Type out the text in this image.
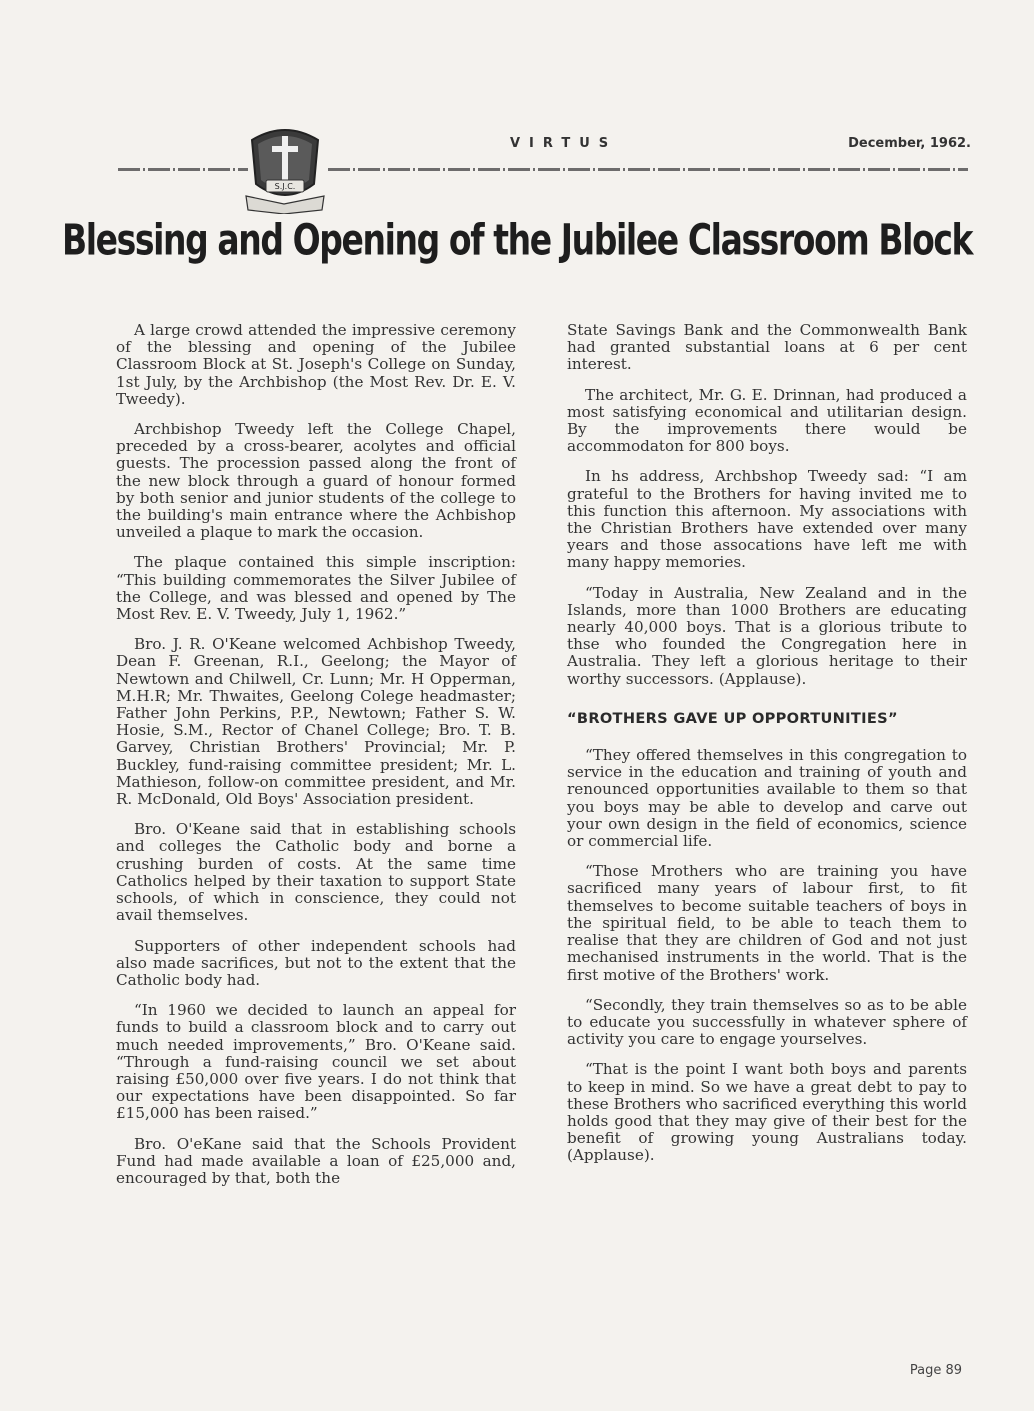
S.J.C.
VIRTUS	December, 1962.
Blessing and Opening of the Jubilee Classroom Block

A large crowd attended the impressive ceremony of the blessing and opening of the Jubilee Classroom Block at St. Joseph's College on Sunday, 1st July, by the Archbishop (the Most Rev. Dr. E. V. Tweedy).

Archbishop Tweedy left the College Chapel, preceded by a cross-bearer, acolytes and official guests. The procession passed along the front of the new block through a guard of honour formed by both senior and junior students of the college to the building's main entrance where the Achbishop unveiled a plaque to mark the occasion.

The plaque contained this simple inscription: “This building commemorates the Silver Jubilee of the College, and was blessed and opened by The Most Rev. E. V. Tweedy, July 1, 1962.”

Bro. J. R. O'Keane welcomed Achbishop Tweedy, Dean F. Greenan, R.I., Geelong; the Mayor of Newtown and Chilwell, Cr. Lunn; Mr. H Opperman, M.H.R; Mr. Thwaites, Geelong Colege headmaster; Father John Perkins, P.P., Newtown; Father S. W. Hosie, S.M., Rector of Chanel College; Bro. T. B. Garvey, Christian Brothers' Provincial; Mr. P. Buckley, fund-raising committee president; Mr. L. Mathieson, follow-on committee president, and Mr. R. McDonald, Old Boys' Association president.

Bro. O'Keane said that in establishing schools and colleges the Catholic body and borne a crushing burden of costs. At the same time Catholics helped by their taxation to support State schools, of which in conscience, they could not avail themselves.

Supporters of other independent schools had also made sacrifices, but not to the extent that the Catholic body had.

“In 1960 we decided to launch an appeal for funds to build a classroom block and to carry out much needed improvements,” Bro. O'Keane said. “Through a fund-raising council we set about raising £50,000 over five years. I do not think that our expectations have been disappointed. So far £15,000 has been raised.”

Bro. O'eKane said that the Schools Provident Fund had made available a loan of £25,000 and, encouraged by that, both the

State Savings Bank and the Commonwealth Bank had granted substantial loans at 6 per cent interest.

The architect, Mr. G. E. Drinnan, had produced a most satisfying economical and utilitarian design. By the improvements there would be accommodaton for 800 boys.

In hs address, Archbshop Tweedy sad: “I am grateful to the Brothers for having invited me to this function this afternoon. My associations with the Christian Brothers have extended over many years and those assocations have left me with many happy memories.

“Today in Australia, New Zealand and in the Islands, more than 1000 Brothers are educating nearly 40,000 boys. That is a glorious tribute to thse who founded the Congregation here in Australia. They left a glorious heritage to their worthy successors. (Applause).

“BROTHERS GAVE UP OPPORTUNITIES”

“They offered themselves in this congregation to service in the education and training of youth and renounced opportunities available to them so that you boys may be able to develop and carve out your own design in the field of economics, science or commercial life.

“Those Mrothers who are training you have sacrificed many years of labour first, to fit themselves to become suitable teachers of boys in the spiritual field, to be able to teach them to realise that they are children of God and not just mechanised instruments in the world. That is the first motive of the Brothers' work.

“Secondly, they train themselves so as to be able to educate you successfully in whatever sphere of activity you care to engage yourselves.

“That is the point I want both boys and parents to keep in mind. So we have a great debt to pay to these Brothers who sacrificed everything this world holds good that they may give of their best for the benefit of growing young Australians today. (Applause).

Page 89
